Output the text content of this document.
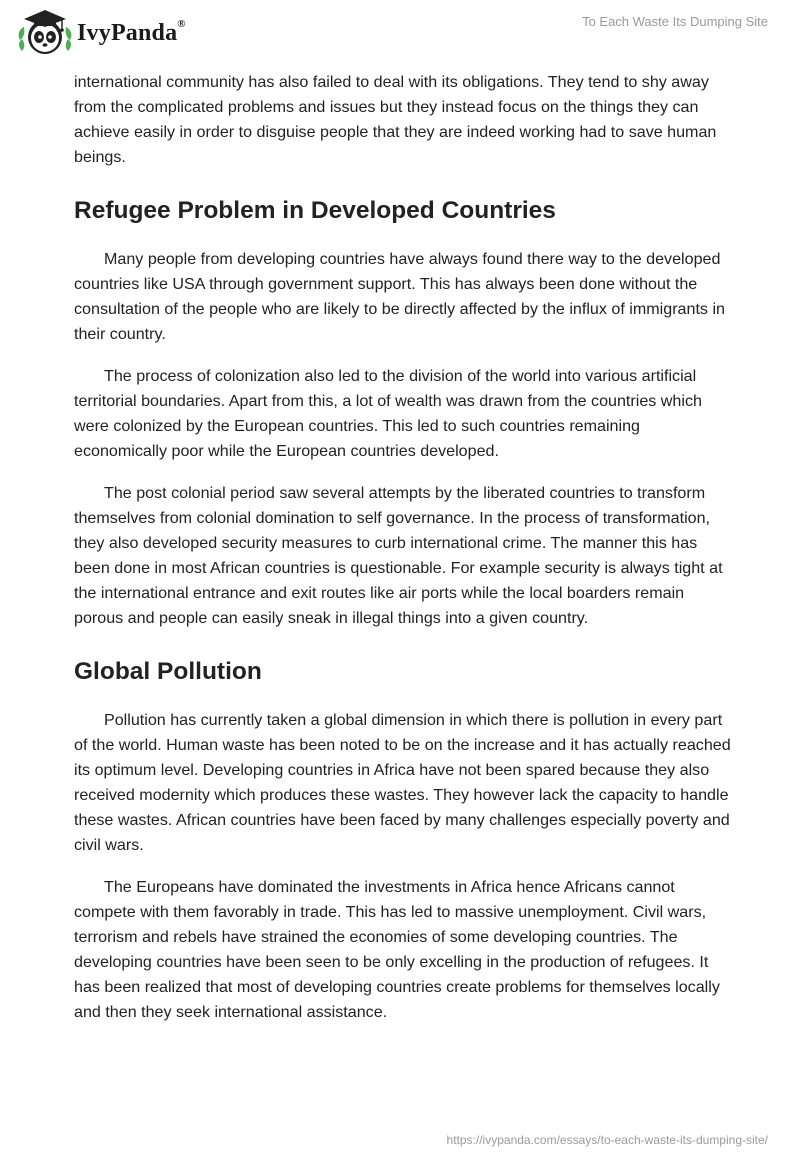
IvyPanda®	To Each Waste Its Dumping Site

international community has also failed to deal with its obligations. They tend to shy away from the complicated problems and issues but they instead focus on the things they can achieve easily in order to disguise people that they are indeed working had to save human beings.

Refugee Problem in Developed Countries

Many people from developing countries have always found there way to the developed countries like USA through government support. This has always been done without the consultation of the people who are likely to be directly affected by the influx of immigrants in their country.

The process of colonization also led to the division of the world into various artificial territorial boundaries. Apart from this, a lot of wealth was drawn from the countries which were colonized by the European countries. This led to such countries remaining economically poor while the European countries developed.

The post colonial period saw several attempts by the liberated countries to transform themselves from colonial domination to self governance. In the process of transformation, they also developed security measures to curb international crime. The manner this has been done in most African countries is questionable. For example security is always tight at the international entrance and exit routes like air ports while the local boarders remain porous and people can easily sneak in illegal things into a given country.

Global Pollution

Pollution has currently taken a global dimension in which there is pollution in every part of the world. Human waste has been noted to be on the increase and it has actually reached its optimum level. Developing countries in Africa have not been spared because they also received modernity which produces these wastes. They however lack the capacity to handle these wastes. African countries have been faced by many challenges especially poverty and civil wars.

The Europeans have dominated the investments in Africa hence Africans cannot compete with them favorably in trade. This has led to massive unemployment. Civil wars, terrorism and rebels have strained the economies of some developing countries. The developing countries have been seen to be only excelling in the production of refugees. It has been realized that most of developing countries create problems for themselves locally and then they seek international assistance.

https://ivypanda.com/essays/to-each-waste-its-dumping-site/
